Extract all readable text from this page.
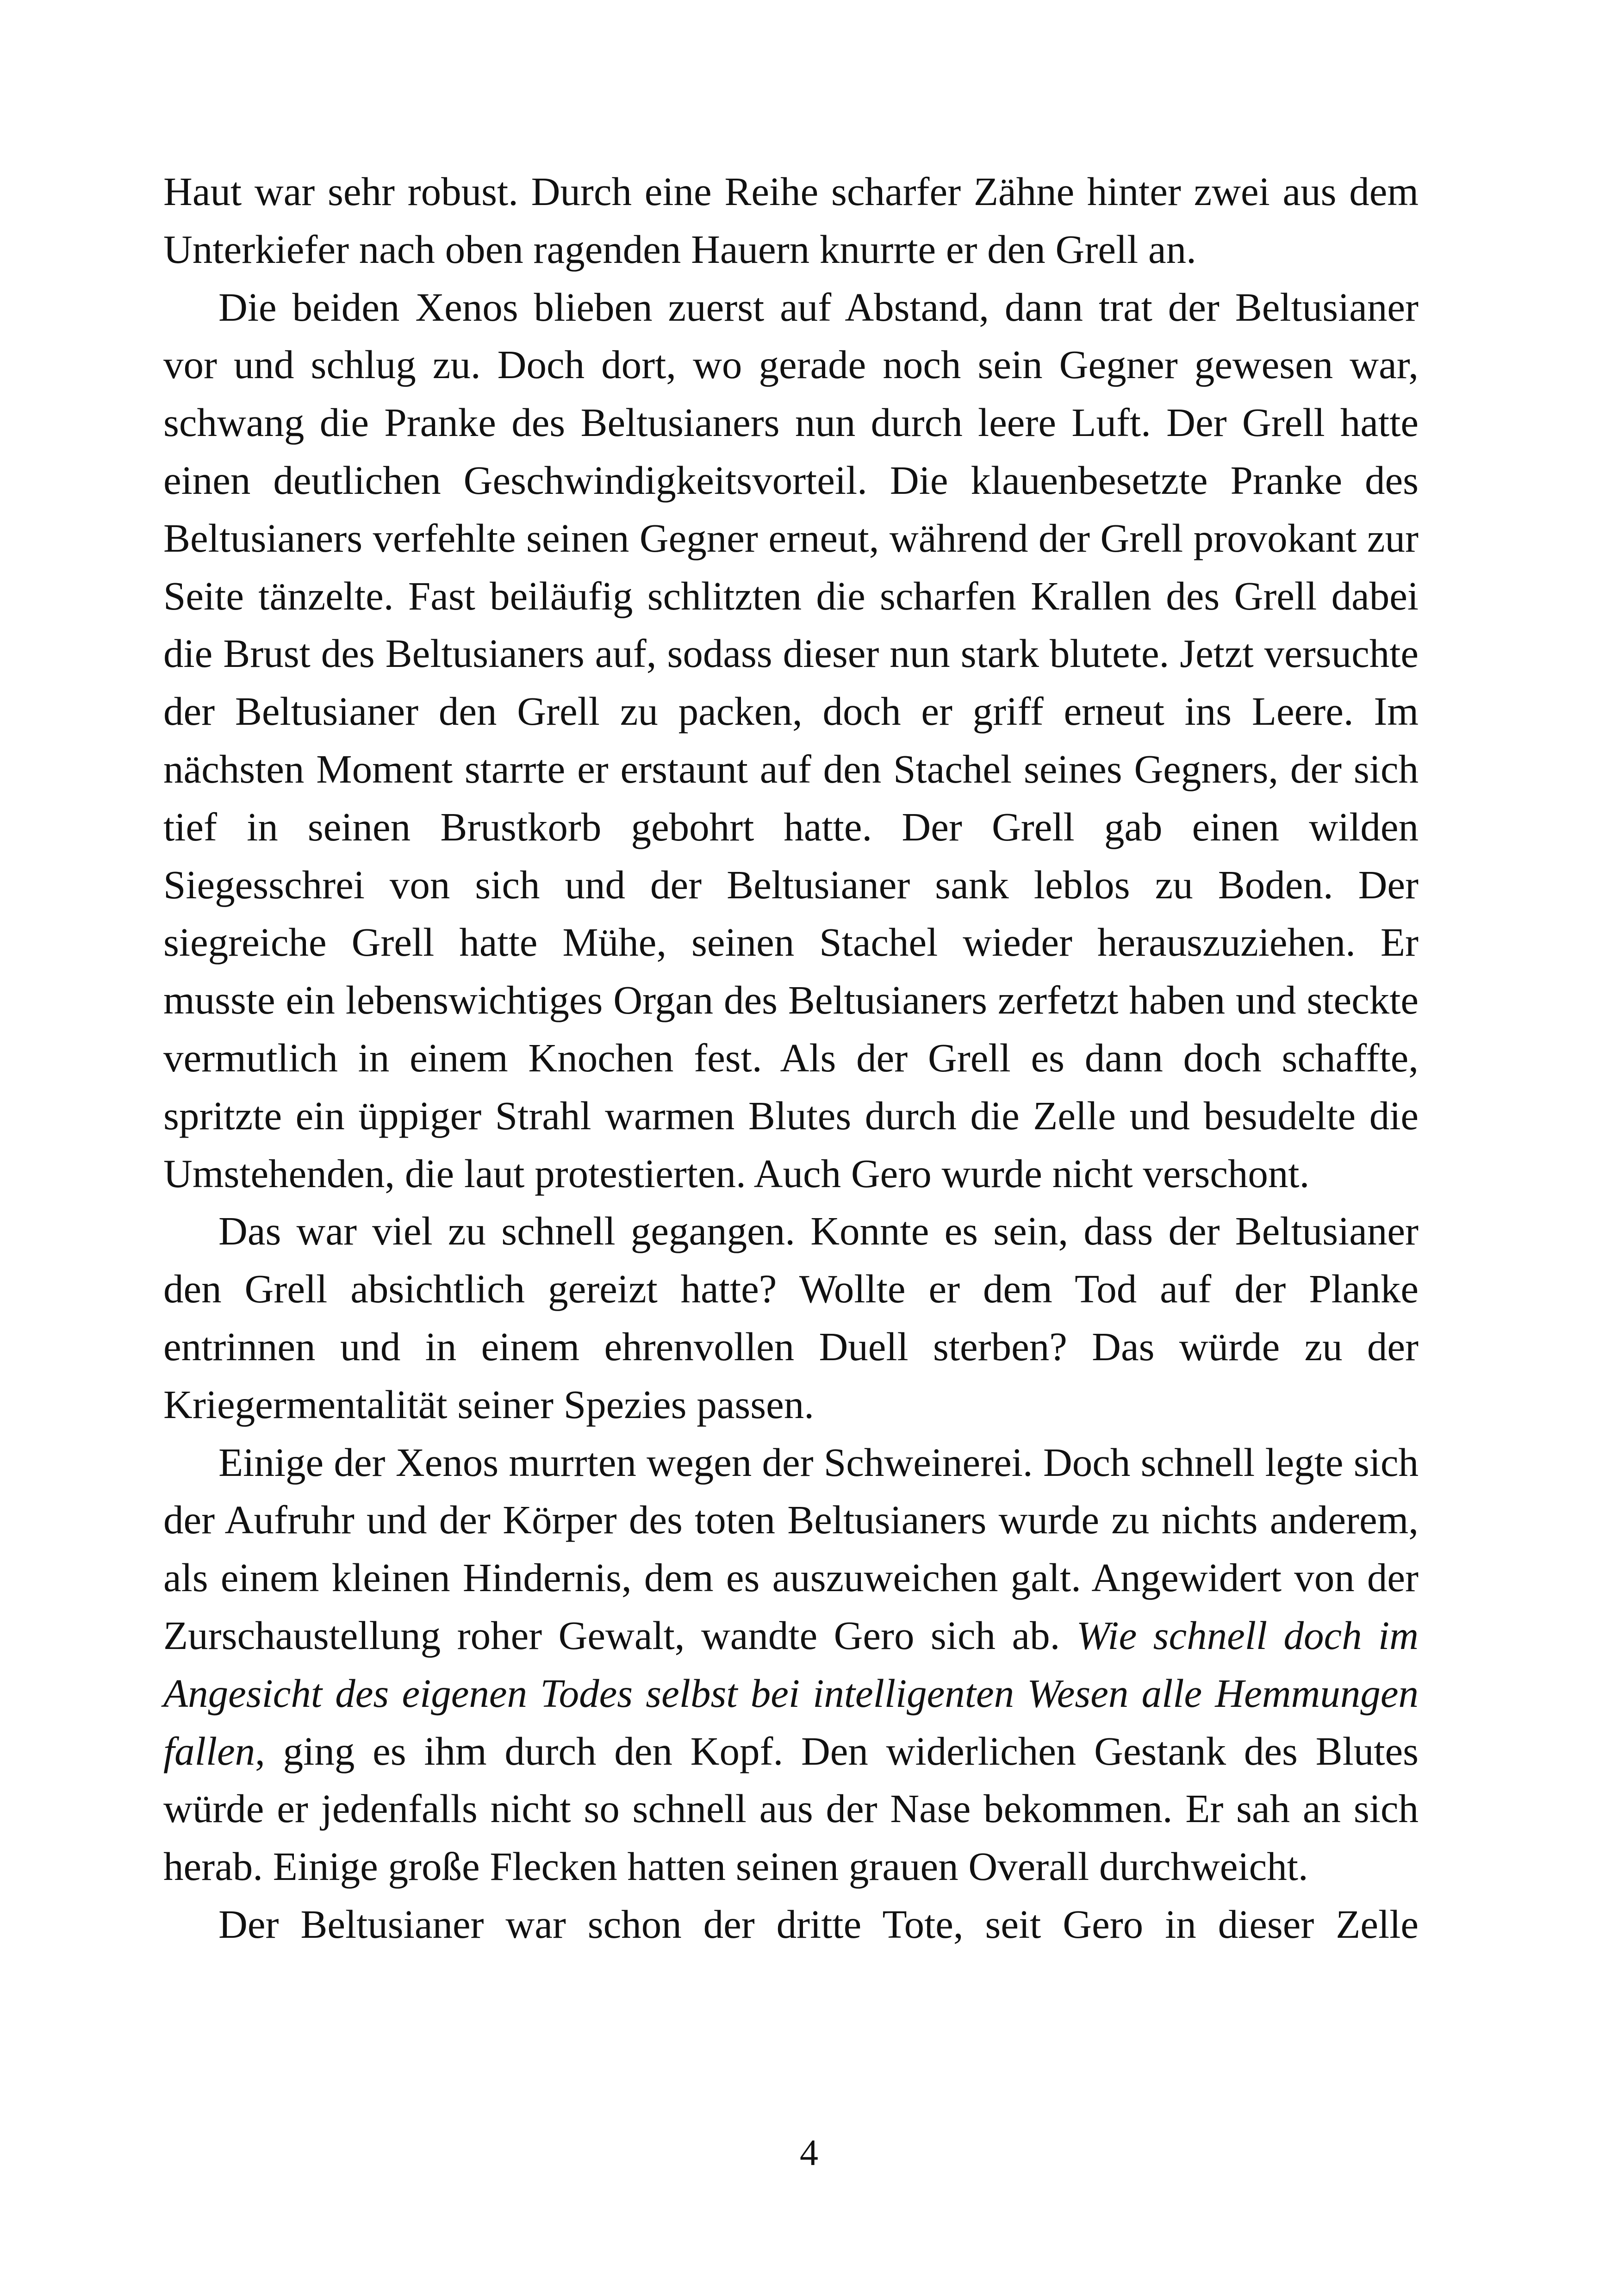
Haut war sehr robust. Durch eine Reihe scharfer Zähne hinter zwei aus dem Unterkiefer nach oben ragenden Hauern knurrte er den Grell an.

Die beiden Xenos blieben zuerst auf Abstand, dann trat der Beltusianer vor und schlug zu. Doch dort, wo gerade noch sein Gegner gewesen war, schwang die Pranke des Beltusianers nun durch leere Luft. Der Grell hatte einen deutlichen Geschwindigkeitsvorteil. Die klauenbesetzte Pranke des Beltusianers verfehlte seinen Gegner erneut, während der Grell provokant zur Seite tänzelte. Fast beiläufig schlitzten die scharfen Krallen des Grell dabei die Brust des Beltusianers auf, sodass dieser nun stark blutete. Jetzt versuchte der Beltusianer den Grell zu packen, doch er griff erneut ins Leere. Im nächsten Moment starrte er erstaunt auf den Stachel seines Gegners, der sich tief in seinen Brustkorb gebohrt hatte. Der Grell gab einen wilden Siegesschrei von sich und der Beltusianer sank leblos zu Boden. Der siegreiche Grell hatte Mühe, seinen Stachel wieder herauszuziehen. Er musste ein lebenswichtiges Organ des Beltusianers zerfetzt haben und steckte vermutlich in einem Knochen fest. Als der Grell es dann doch schaffte, spritzte ein üppiger Strahl warmen Blutes durch die Zelle und besudelte die Umstehenden, die laut protestierten. Auch Gero wurde nicht verschont.

Das war viel zu schnell gegangen. Konnte es sein, dass der Beltusianer den Grell absichtlich gereizt hatte? Wollte er dem Tod auf der Planke entrinnen und in einem ehrenvollen Duell sterben? Das würde zu der Kriegermentalität seiner Spezies passen.

Einige der Xenos murrten wegen der Schweinerei. Doch schnell legte sich der Aufruhr und der Körper des toten Beltusianers wurde zu nichts anderem, als einem kleinen Hindernis, dem es auszuweichen galt. Angewidert von der Zurschaustellung roher Gewalt, wandte Gero sich ab. Wie schnell doch im Angesicht des eigenen Todes selbst bei intelligenten Wesen alle Hemmungen fallen, ging es ihm durch den Kopf. Den widerlichen Gestank des Blutes würde er jedenfalls nicht so schnell aus der Nase bekommen. Er sah an sich herab. Einige große Flecken hatten seinen grauen Overall durchweicht.

Der Beltusianer war schon der dritte Tote, seit Gero in dieser Zelle

4
